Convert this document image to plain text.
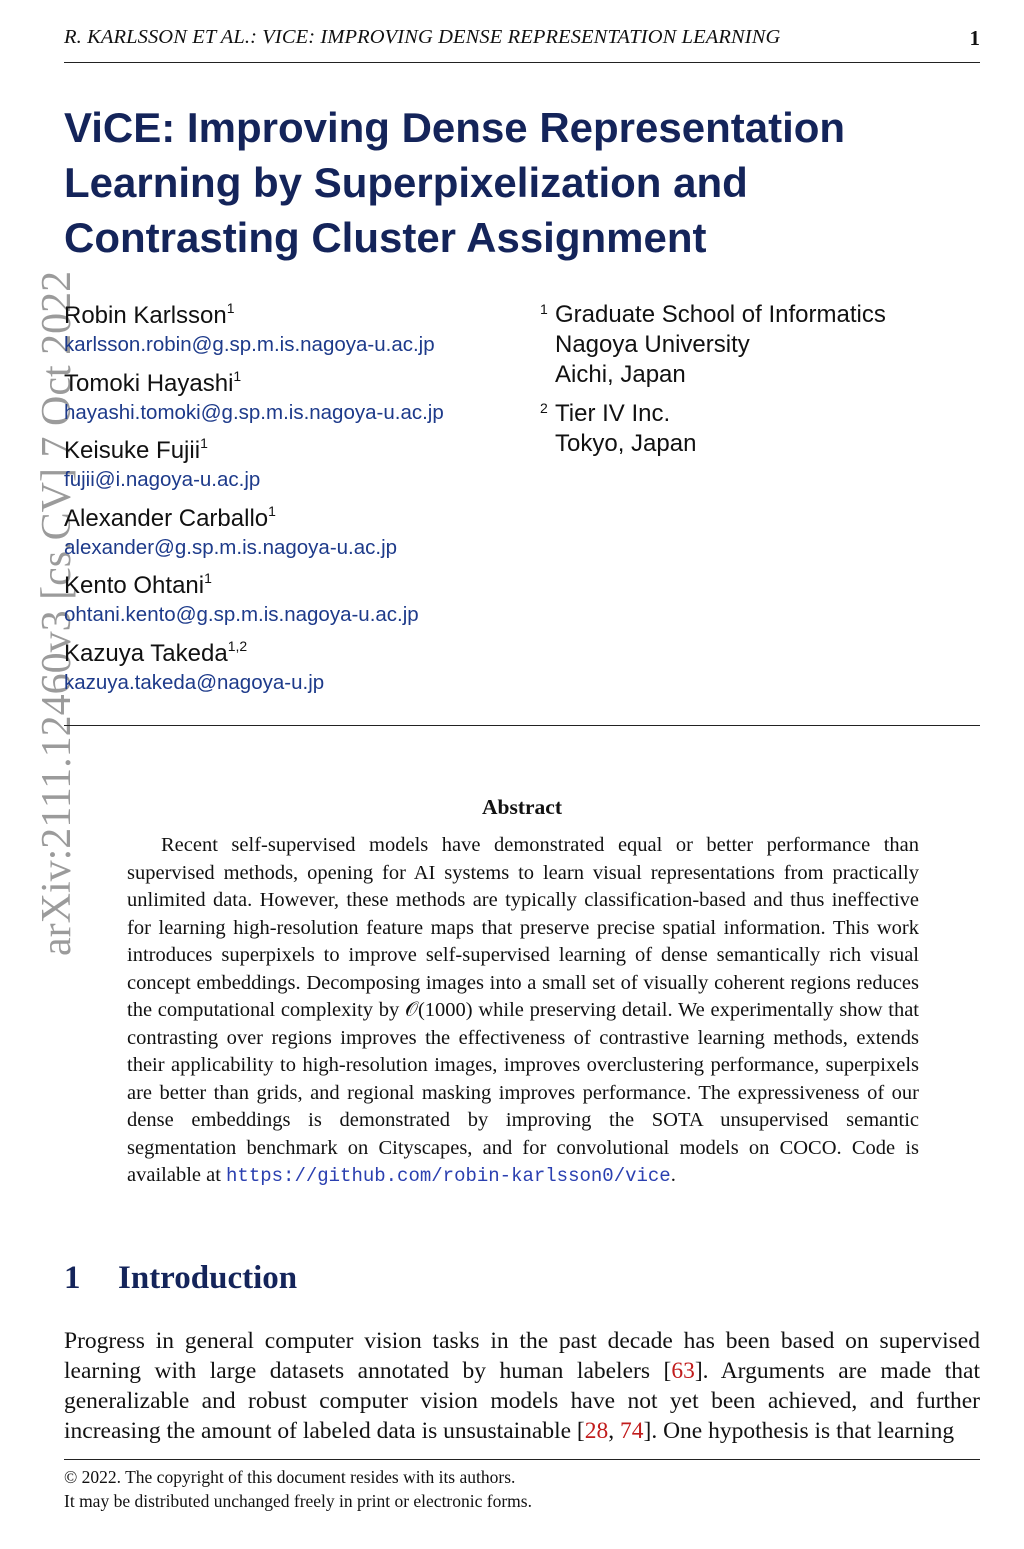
R. KARLSSON ET AL.: VICE: IMPROVING DENSE REPRESENTATION LEARNING	1
arXiv:2111.12460v3 [cs.CV] 7 Oct 2022
ViCE: Improving Dense Representation Learning by Superpixelization and Contrasting Cluster Assignment
Robin Karlsson$^1$
karlsson.robin@g.sp.m.is.nagoya-u.ac.jp
Tomoki Hayashi$^1$
hayashi.tomoki@g.sp.m.is.nagoya-u.ac.jp
Keisuke Fujii$^1$
fujii@i.nagoya-u.ac.jp
Alexander Carballo$^1$
alexander@g.sp.m.is.nagoya-u.ac.jp
Kento Ohtani$^1$
ohtani.kento@g.sp.m.is.nagoya-u.ac.jp
Kazuya Takeda$^{1,2}$
kazuya.takeda@nagoya-u.jp
1 Graduate School of Informatics
Nagoya University
Aichi, Japan
2 Tier IV Inc.
Tokyo, Japan
Abstract

Recent self-supervised models have demonstrated equal or better performance than supervised methods, opening for AI systems to learn visual representations from practically unlimited data. However, these methods are typically classification-based and thus ineffective for learning high-resolution feature maps that preserve precise spatial information. This work introduces superpixels to improve self-supervised learning of dense semantically rich visual concept embeddings. Decomposing images into a small set of visually coherent regions reduces the computational complexity by 𝒪(1000) while preserving detail. We experimentally show that contrasting over regions improves the effectiveness of contrastive learning methods, extends their applicability to high-resolution images, improves overclustering performance, superpixels are better than grids, and regional masking improves performance. The expressiveness of our dense embeddings is demonstrated by improving the SOTA unsupervised semantic segmentation benchmark on Cityscapes, and for convolutional models on COCO. Code is available at https://github.com/robin-karlsson0/vice.

1 Introduction

Progress in general computer vision tasks in the past decade has been based on supervised learning with large datasets annotated by human labelers [63]. Arguments are made that generalizable and robust computer vision models have not yet been achieved, and further increasing the amount of labeled data is unsustainable [28, 74]. One hypothesis is that learning

© 2022. The copyright of this document resides with its authors.
It may be distributed unchanged freely in print or electronic forms.
